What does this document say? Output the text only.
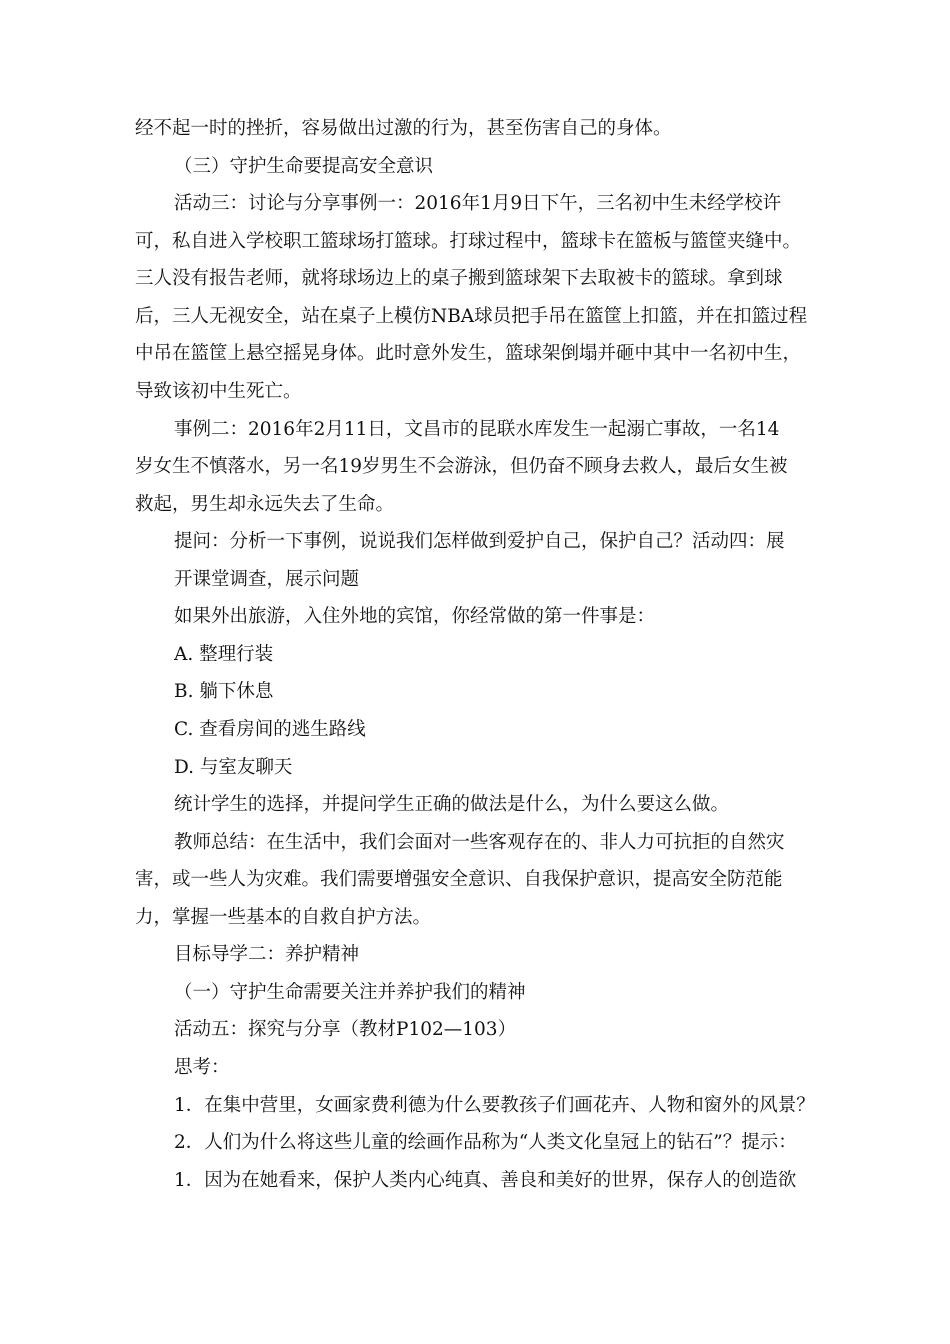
经不起一时的挫折，容易做出过激的行为，甚至伤害自己的身体。

（三）守护生命要提高安全意识

活动三：讨论与分享事例一：2016年1月9日下午，三名初中生未经学校许

可，私自进入学校职工篮球场打篮球。打球过程中，篮球卡在篮板与篮筐夹缝中。

三人没有报告老师，就将球场边上的桌子搬到篮球架下去取被卡的篮球。拿到球

后，三人无视安全，站在桌子上模仿NBA球员把手吊在篮筐上扣篮，并在扣篮过程

中吊在篮筐上悬空摇晃身体。此时意外发生，篮球架倒塌并砸中其中一名初中生，

导致该初中生死亡。

事例二：2016年2月11日，文昌市的昆联水库发生一起溺亡事故，一名14

岁女生不慎落水，另一名19岁男生不会游泳，但仍奋不顾身去救人，最后女生被

救起，男生却永远失去了生命。

提问：分析一下事例，说说我们怎样做到爱护自己，保护自己？活动四：展

开课堂调查，展示问题

如果外出旅游，入住外地的宾馆，你经常做的第一件事是：

A. 整理行装

B. 躺下休息

C. 查看房间的逃生路线

D. 与室友聊天

统计学生的选择，并提问学生正确的做法是什么，为什么要这么做。

教师总结：在生活中，我们会面对一些客观存在的、非人力可抗拒的自然灾

害，或一些人为灾难。我们需要增强安全意识、自我保护意识，提高安全防范能

力，掌握一些基本的自救自护方法。

目标导学二：养护精神

（一）守护生命需要关注并养护我们的精神

活动五：探究与分享（教材P102—103）

思考：

1．在集中营里，女画家费利德为什么要教孩子们画花卉、人物和窗外的风景？

2．人们为什么将这些儿童的绘画作品称为“人类文化皇冠上的钻石”？提示：

1．因为在她看来，保护人类内心纯真、善良和美好的世界，保存人的创造欲
